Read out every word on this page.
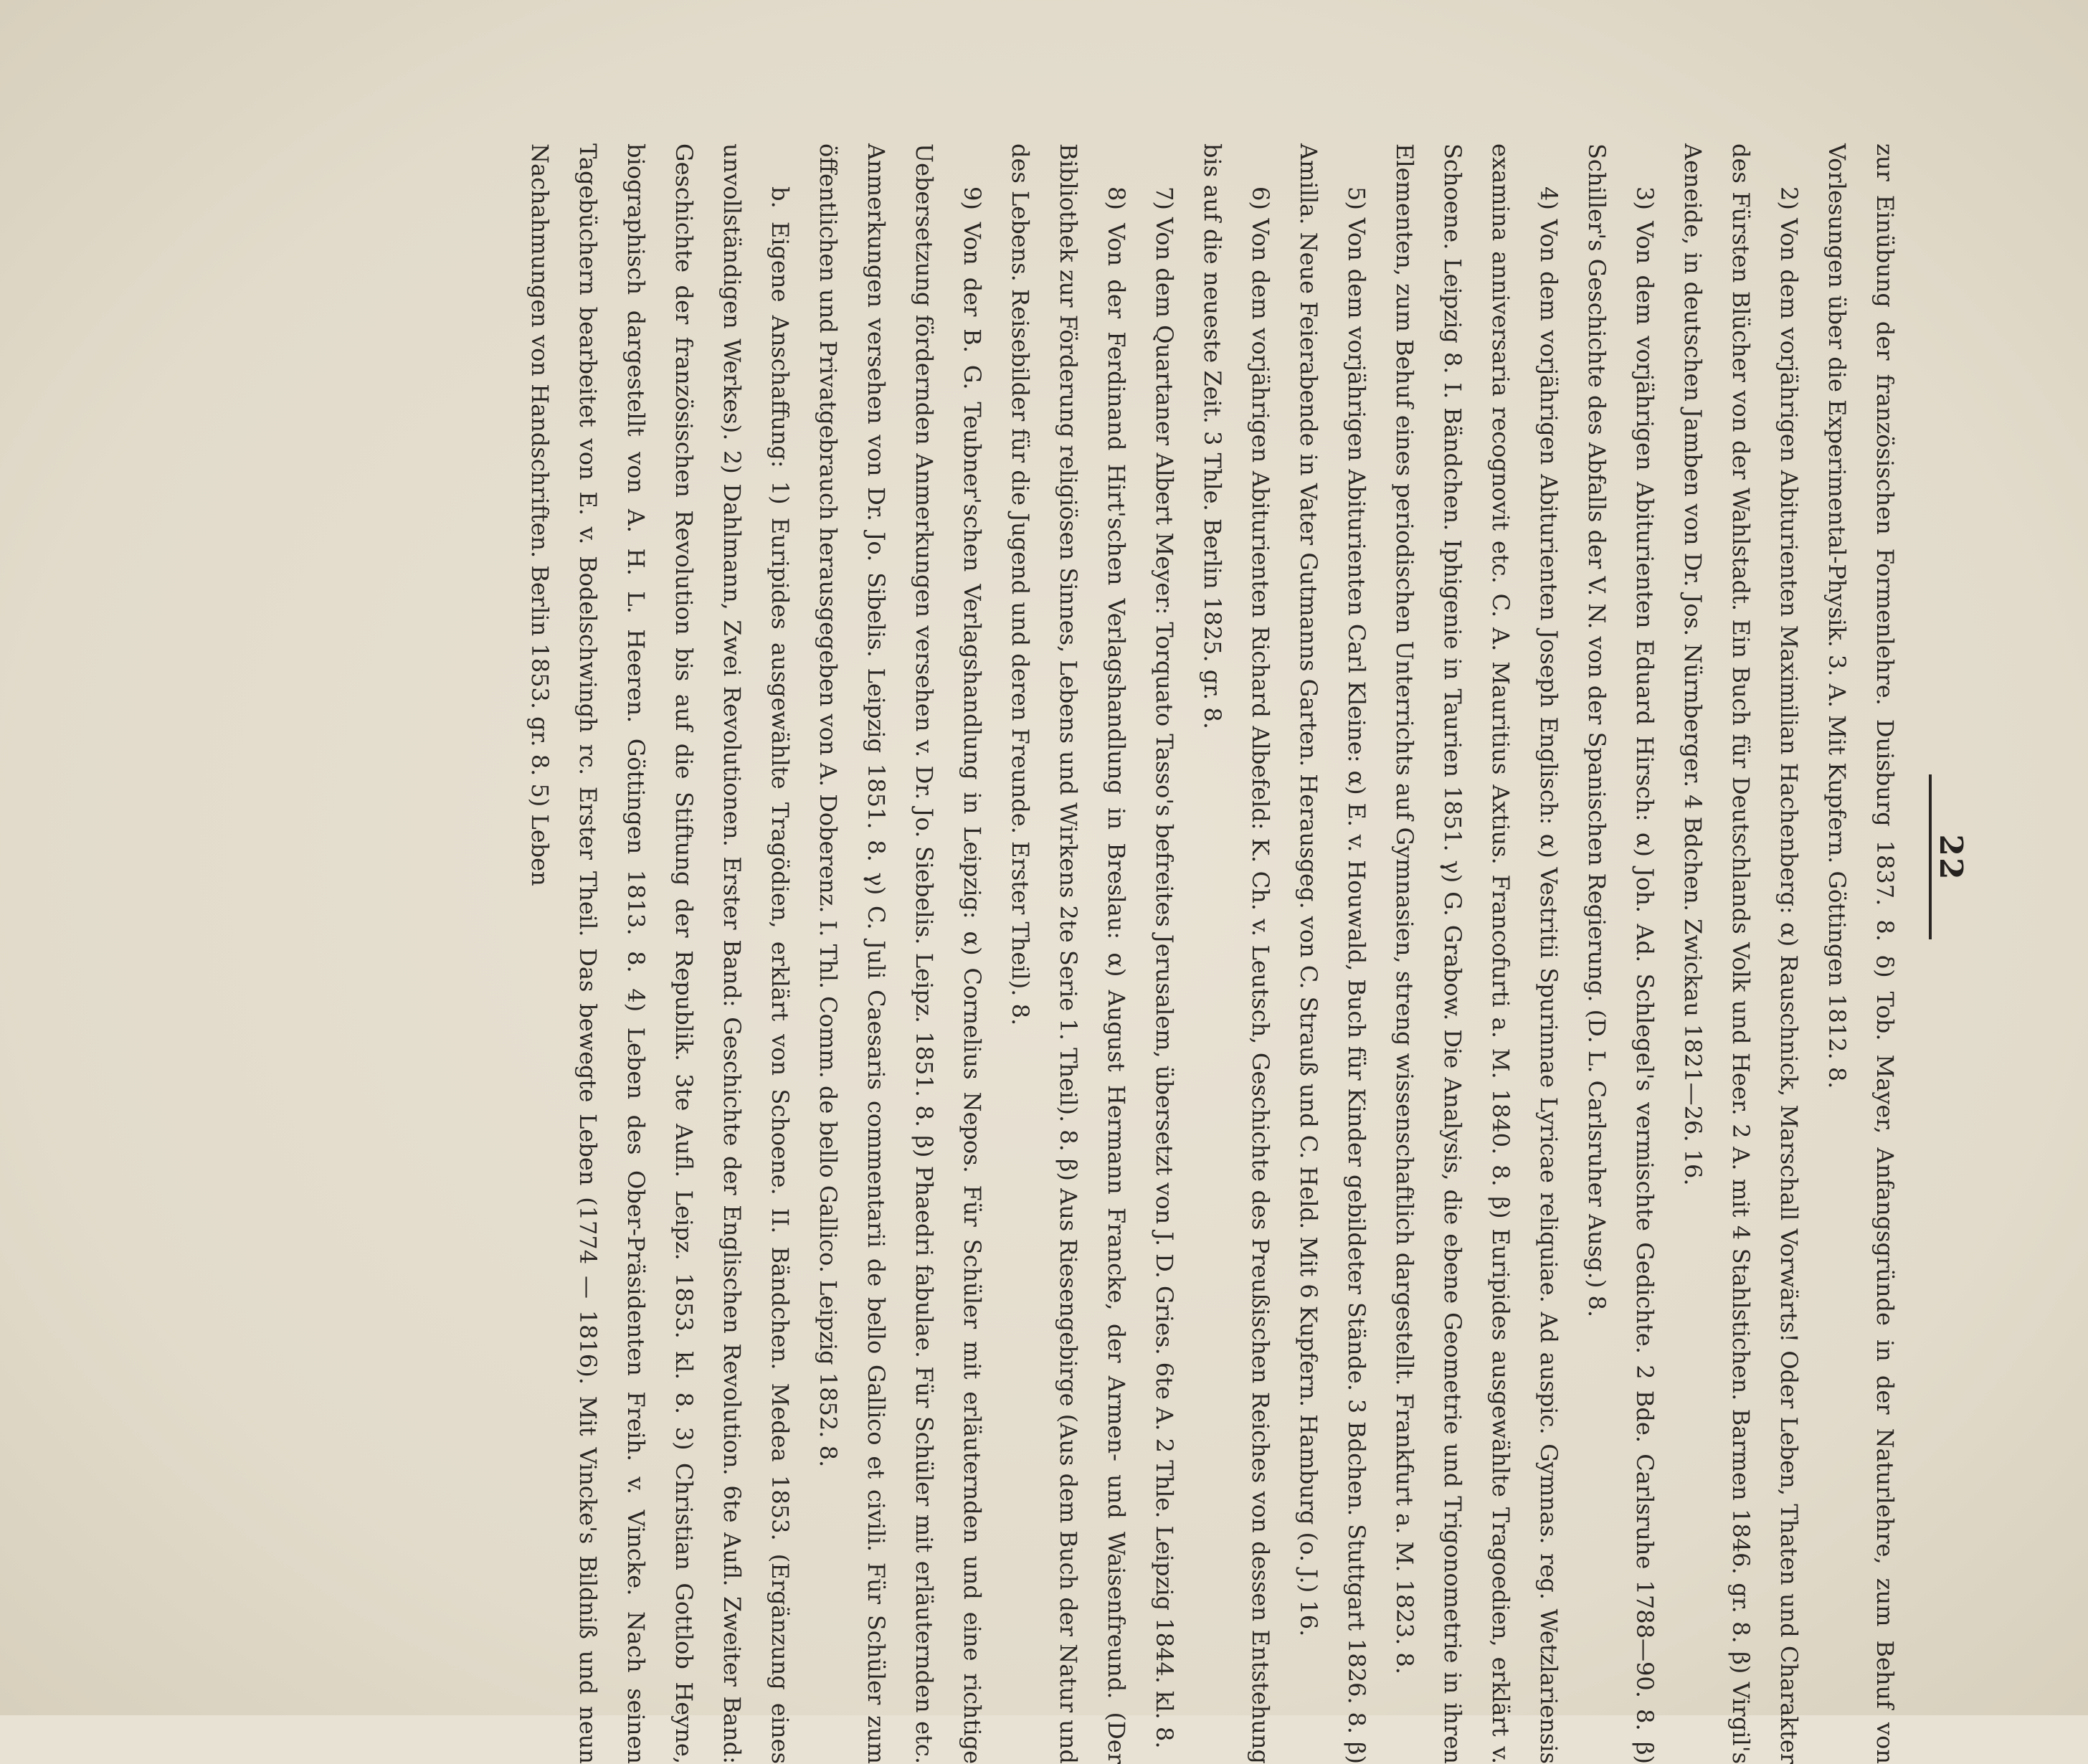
22

zur Einübung der französischen Formenlehre. Duisburg 1837. 8. δ) Tob. Mayer, Anfangsgründe in der Naturlehre, zum Behuf von Vorlesungen über die Experimental-Physik. 3. A. Mit Kupfern. Göttingen 1812. 8.

2) Von dem vorjährigen Abiturienten Maximilian Hachenberg: α) Rauschnick, Marschall Vorwärts! Oder Leben, Thaten und Charakter des Fürsten Blücher von der Wahlstadt. Ein Buch für Deutschlands Volk und Heer. 2 A. mit 4 Stahlstichen. Barmen 1846. gr. 8. β) Virgil's Aeneide, in deutschen Jamben von Dr. Jos. Nürnberger. 4 Bdchen. Zwickau 1821—26. 16.

3) Von dem vorjährigen Abiturienten Eduard Hirsch: α) Joh. Ad. Schlegel's vermischte Gedichte. 2 Bde. Carlsruhe 1788—90. 8. β) Schiller's Geschichte des Abfalls der V. N. von der Spanischen Regierung. (D. L. Carlsruher Ausg.) 8.

4) Von dem vorjährigen Abiturienten Joseph Englisch: α) Vestritii Spurinnae Lyricae reliquiae. Ad auspic. Gymnas. reg. Wetzlariensis examina anniversaria recognovit etc. C. A. Mauritius Axtius. Francofurti a. M. 1840. 8. β) Euripides ausgewählte Tragoedien, erklärt v. Schoene. Leipzig 8. I. Bändchen. Iphigenie in Taurien 1851. γ) G. Grabow. Die Analysis, die ebene Geometrie und Trigonometrie in ihren Elementen, zum Behuf eines periodischen Unterrichts auf Gymnasien, streng wissenschaftlich dargestellt. Frankfurt a. M. 1823. 8.

5) Von dem vorjährigen Abiturienten Carl Kleine: α) E. v. Houwald, Buch für Kinder gebildeter Stände. 3 Bdchen. Stuttgart 1826. 8. β) Amilla. Neue Feierabende in Vater Gutmanns Garten. Herausgeg. von C. Strauß und C. Held. Mit 6 Kupfern. Hamburg (o. J.) 16.

6) Von dem vorjährigen Abiturienten Richard Albefeld: K. Ch. v. Leutsch, Geschichte des Preußischen Reiches von dessen Entstehung bis auf die neueste Zeit. 3 Thle. Berlin 1825. gr. 8.

7) Von dem Quartaner Albert Meyer: Torquato Tasso's befreites Jerusalem, übersetzt von J. D. Gries. 6te A. 2 Thle. Leipzig 1844. kl. 8.

8) Von der Ferdinand Hirt'schen Verlagshandlung in Breslau: α) August Hermann Francke, der Armen- und Waisenfreund. (Der Bibliothek zur Förderung religiösen Sinnes, Lebens und Wirkens 2te Serie 1. Theil). 8. β) Aus Riesengebirge (Aus dem Buch der Natur und des Lebens. Reisebilder für die Jugend und deren Freunde. Erster Theil). 8.

9) Von der B. G. Teubner'schen Verlagshandlung in Leipzig: α) Cornelius Nepos. Für Schüler mit erläuternden und eine richtige Uebersetzung fördernden Anmerkungen versehen v. Dr. Jo. Siebelis. Leipz. 1851. 8. β) Phaedri fabulae. Für Schüler mit erläuternden etc. Anmerkungen versehen von Dr. Jo. Sibelis. Leipzig 1851. 8. γ) C. Juli Caesaris commentarii de bello Gallico et civili. Für Schüler zum öffentlichen und Privatgebrauch herausgegeben von A. Doberenz. I. Thl. Comm. de bello Gallico. Leipzig 1852. 8.

b. Eigene Anschaffung: 1) Euripides ausgewählte Tragödien, erklärt von Schoene. II. Bändchen. Medea 1853. (Ergänzung eines unvollständigen Werkes). 2) Dahlmann, Zwei Revolutionen. Erster Band: Geschichte der Englischen Revolution. 6te Aufl. Zweiter Band: Geschichte der französischen Revolution bis auf die Stiftung der Republik. 3te Aufl. Leipz. 1853. kl. 8. 3) Christian Gottlob Heyne, biographisch dargestellt von A. H. L. Heeren. Göttingen 1813. 8. 4) Leben des Ober-Präsidenten Freih. v. Vincke. Nach seinen Tagebüchern bearbeitet von E. v. Bodelschwingh rc. Erster Theil. Das bewegte Leben (1774 — 1816). Mit Vincke's Bildniß und neun Nachahmungen von Handschriften. Berlin 1853. gr. 8. 5) Leben
